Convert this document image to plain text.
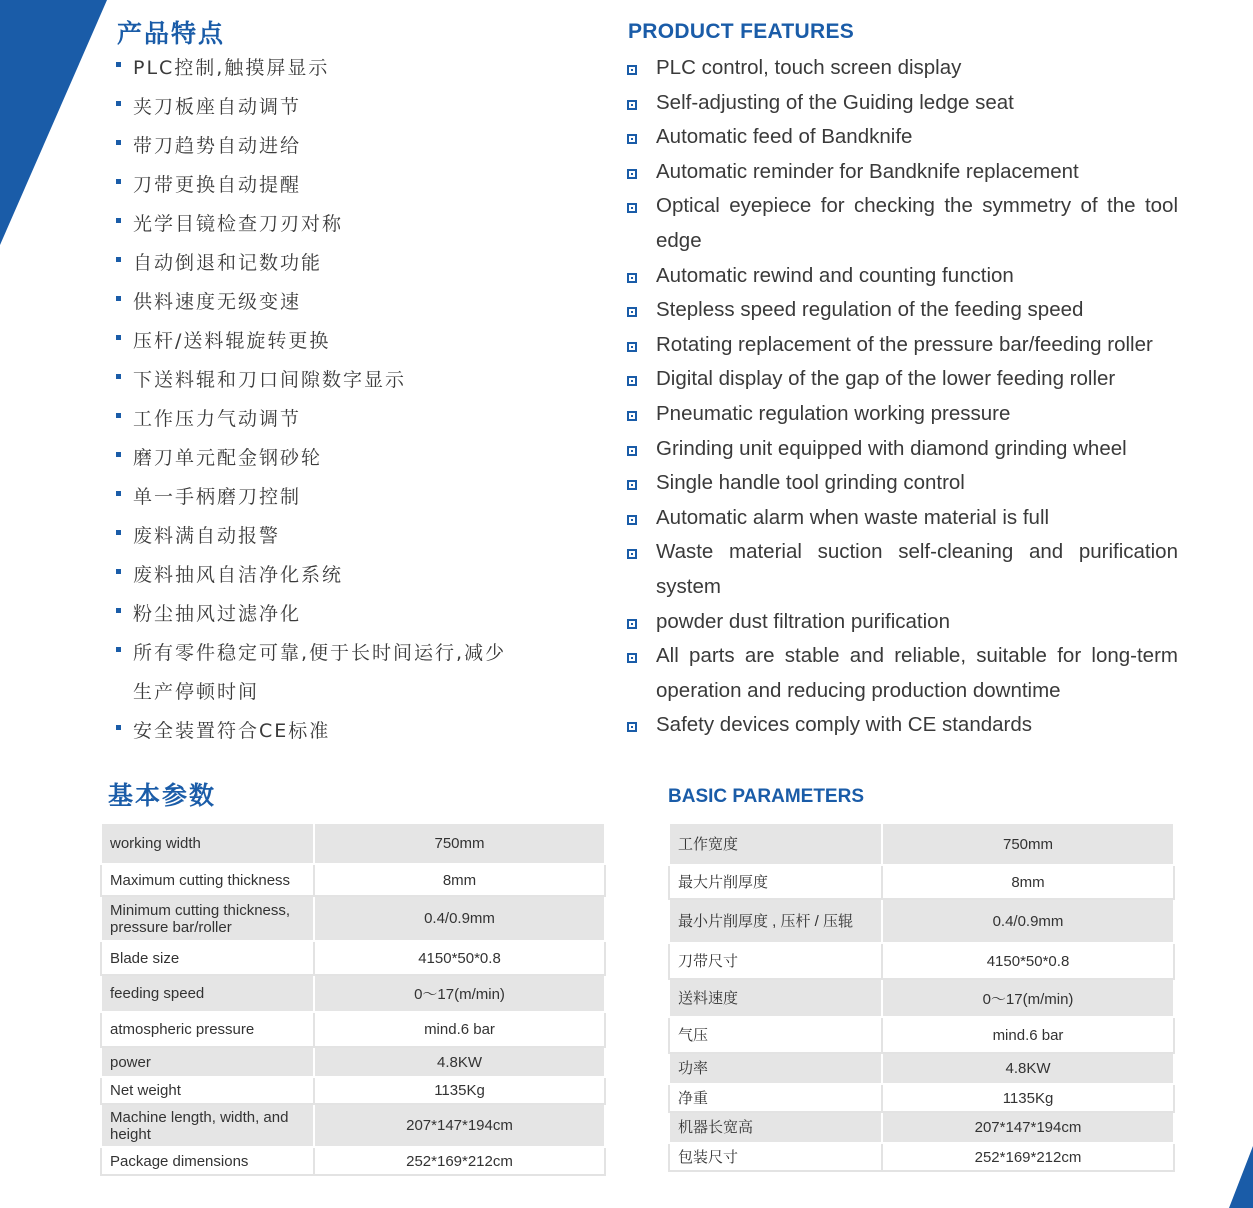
产品特点	PRODUCT FEATURES
PLC控制,触摸屏显示
夹刀板座自动调节
带刀趋势自动进给
刀带更换自动提醒
光学目镜检查刀刃对称
自动倒退和记数功能
供料速度无级变速
压杆/送料辊旋转更换
下送料辊和刀口间隙数字显示
工作压力气动调节
磨刀单元配金钢砂轮
单一手柄磨刀控制
废料满自动报警
废料抽风自洁净化系统
粉尘抽风过滤净化
所有零件稳定可靠,便于长时间运行,减少生产停顿时间
安全装置符合CE标准
PLC control, touch screen display
Self-adjusting of the Guiding ledge seat
Automatic feed of Bandknife
Automatic reminder for Bandknife replacement
Optical eyepiece for checking the symmetry of the tool edge
Automatic rewind and counting function
Stepless speed regulation of the feeding speed
Rotating replacement of the pressure bar/feeding roller
Digital display of the gap of the lower feeding roller
Pneumatic regulation working pressure
Grinding unit equipped with diamond grinding wheel
Single handle tool grinding control
Automatic alarm when waste material is full
Waste material suction self-cleaning and purification system
powder dust filtration purification
All parts are stable and reliable, suitable for long-term operation and reducing production downtime
Safety devices comply with CE standards
基本参数	BASIC PARAMETERS
working width	750mm
Maximum cutting thickness	8mm
Minimum cutting thickness, pressure bar/roller	0.4/0.9mm
Blade size	4150*50*0.8
feeding speed	0～17(m/min)
atmospheric pressure	mind.6 bar
power	4.8KW
Net weight	1135Kg
Machine length, width, and height	207*147*194cm
Package dimensions	252*169*212cm
工作宽度	750mm
最大片削厚度	8mm
最小片削厚度 , 压杆 / 压辊	0.4/0.9mm
刀带尺寸	4150*50*0.8
送料速度	0～17(m/min)
气压	mind.6 bar
功率	4.8KW
净重	1135Kg
机器长宽高	207*147*194cm
包装尺寸	252*169*212cm
